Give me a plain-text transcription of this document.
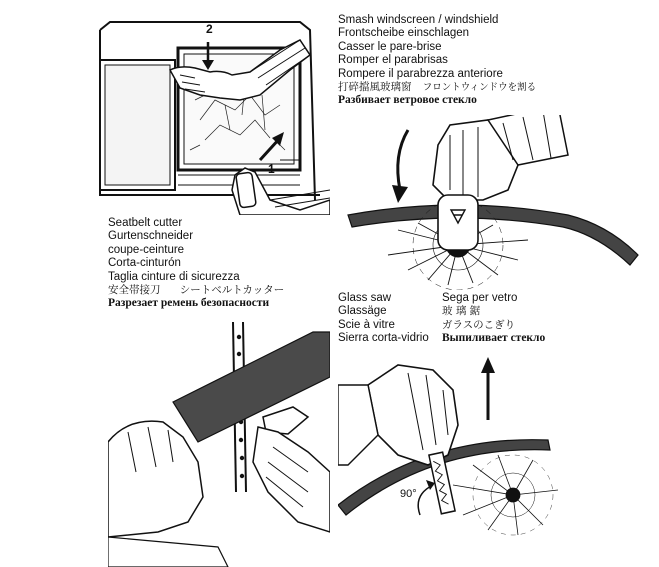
1
2
Seatbelt cutter
Gurtenschneider
coupe-ceinture
Corta-cinturón
Taglia cinture di sicurezza
安全帯接刀 シートベルトカッター
Разрезает ремень безопасности
Smash windscreen / windshield
Frontscheibe einschlagen
Casser le pare-brise
Romper el parabrisas
Rompere il parabrezza anteriore
打碎擋風玻璃窗 フロントウィンドウを割る
Разбивает ветровое стекло
Glass saw
Glassäge
Scie à vitre
Sierra corta-vidrio
Sega per vetro
玻 璃 鋸
ガラスのこぎり
Выпиливает стекло
90°
